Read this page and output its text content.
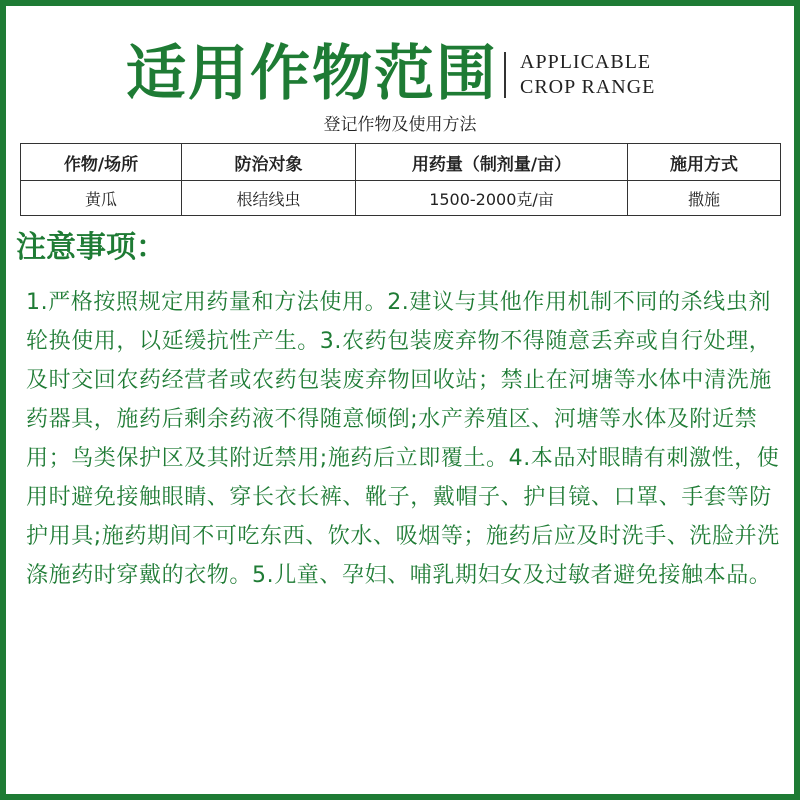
适用作物范围 APPLICABLE
CROP RANGE
登记作物及使用方法
作物/场所	防治对象	用药量（制剂量/亩）	施用方式
黄瓜	根结线虫	1500-2000克/亩	撒施
注意事项：

1.严格按照规定用药量和方法使用。2.建议与其他作用机制不同的杀线虫剂轮换使用，以延缓抗性产生。3.农药包装废弃物不得随意丢弃或自行处理，及时交回农药经营者或农药包装废弃物回收站；禁止在河塘等水体中清洗施药器具，施药后剩余药液不得随意倾倒;水产养殖区、河塘等水体及附近禁用；鸟类保护区及其附近禁用;施药后立即覆土。4.本品对眼睛有刺激性，使用时避免接触眼睛、穿长衣长裤、靴子，戴帽子、护目镜、口罩、手套等防护用具;施药期间不可吃东西、饮水、吸烟等；施药后应及时洗手、洗脸并洗涤施药时穿戴的衣物。5.儿童、孕妇、哺乳期妇女及过敏者避免接触本品。
